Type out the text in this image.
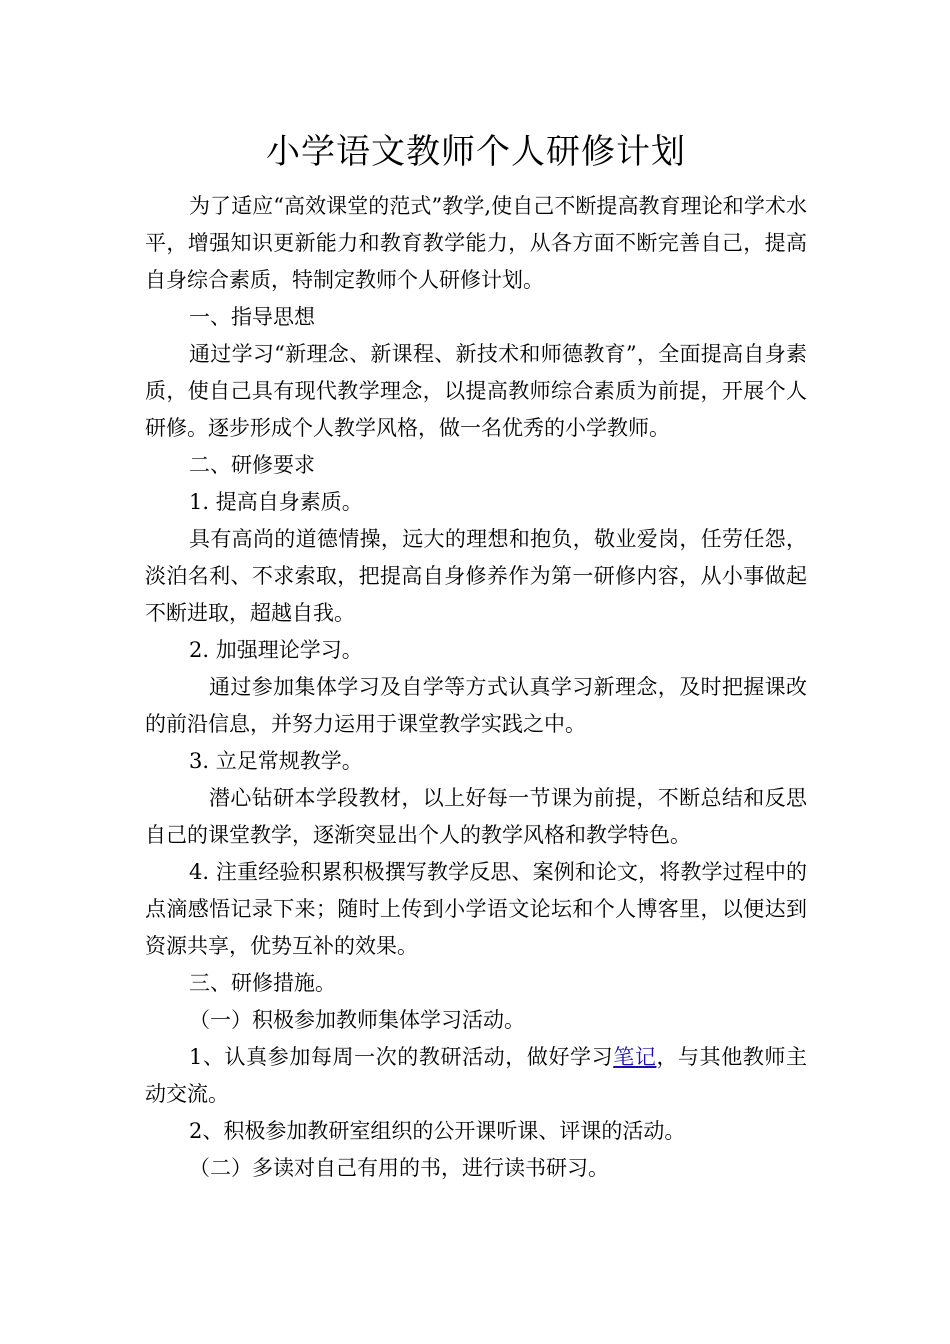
小学语文教师个人研修计划

为了适应“高效课堂的范式”教学,使自己不断提高教育理论和学术水平，增强知识更新能力和教育教学能力，从各方面不断完善自己，提高自身综合素质，特制定教师个人研修计划。

一、指导思想

通过学习“新理念、新课程、新技术和师德教育”，全面提高自身素质，使自己具有现代教学理念，以提高教师综合素质为前提，开展个人研修。逐步形成个人教学风格，做一名优秀的小学教师。

二、研修要求

1. 提高自身素质。

具有高尚的道德情操，远大的理想和抱负，敬业爱岗，任劳任怨，淡泊名利、不求索取，把提高自身修养作为第一研修内容，从小事做起不断进取，超越自我。

2. 加强理论学习。

通过参加集体学习及自学等方式认真学习新理念，及时把握课改的前沿信息，并努力运用于课堂教学实践之中。

3. 立足常规教学。

潜心钻研本学段教材，以上好每一节课为前提，不断总结和反思自己的课堂教学，逐渐突显出个人的教学风格和教学特色。

4. 注重经验积累积极撰写教学反思、案例和论文，将教学过程中的点滴感悟记录下来；随时上传到小学语文论坛和个人博客里，以便达到资源共享，优势互补的效果。

三、研修措施。

（一）积极参加教师集体学习活动。

1、认真参加每周一次的教研活动，做好学习笔记，与其他教师主动交流。

2、积极参加教研室组织的公开课听课、评课的活动。

（二）多读对自己有用的书，进行读书研习。
